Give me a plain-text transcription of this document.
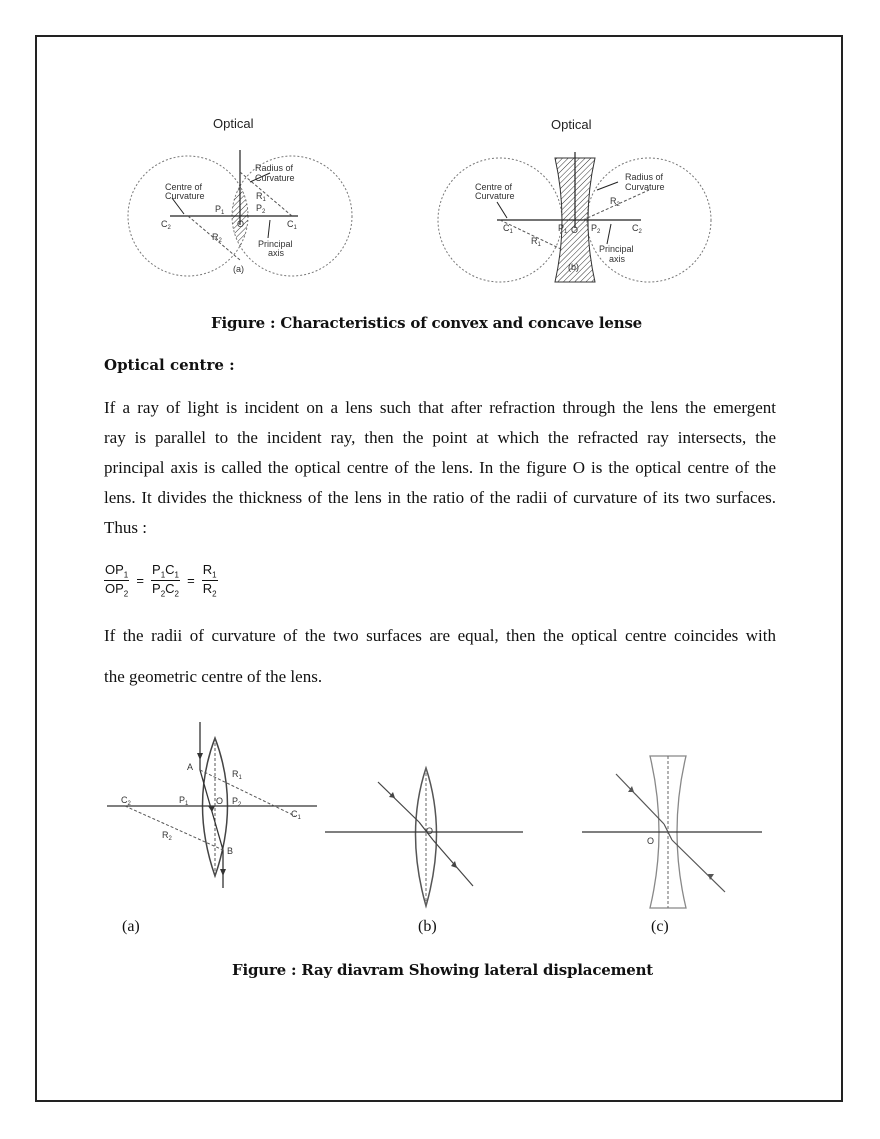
Optical
Centre of
Curvature
Radius of
Curvature
Principal
axis
$C_2$
$P_1$
O
$P_2$
$C_1$
$R_1$
$R_2$
(a)
Optical
Centre of
Curvature
Radius of
Curvature
Principal
axis
$C_1$	$P_1$ O $P_2$	$C_2$
$R_1$
$R_2$
(b)
Figure : Characteristics of convex and concave lense
Optical centre :
If a ray of light is incident on a lens such that after refraction through the lens the emergent
ray is parallel to the incident ray, then the point at which the refracted ray intersects, the
principal axis is called the optical centre of the lens. In the figure O is the optical centre of the
lens. It divides the thickness of the lens in the ratio of the radii of curvature of its two surfaces.
Thus :
$\frac{OP_1}{OP_2} = \frac{P_1C_1}{P_2C_2} = \frac{R_1}{R_2}$
If the radii of curvature of the two surfaces are equal, then the optical centre coincides with
the geometric centre of the lens.
$C_2$	$P_1$	O $P_2$
$C_1$
A
B
$R_1$
$R_2$
O
O
(a)	(b)	(c)
Figure : Ray diavram Showing lateral displacement
